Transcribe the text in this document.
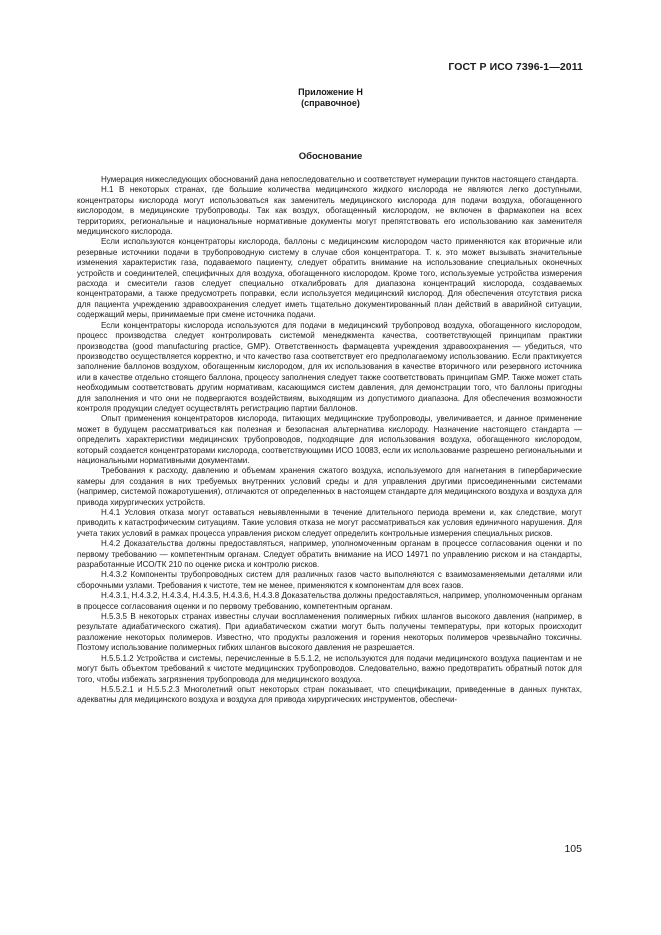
ГОСТ Р ИСО 7396-1—2011
Приложение Н
(справочное)
Обоснование

Нумерация нижеследующих обоснований дана непоследовательно и соответствует нумерации пунктов настоящего стандарта.

Н.1 В некоторых странах, где большие количества медицинского жидкого кислорода не являются легко доступными, концентраторы кислорода могут использоваться как заменитель медицинского кислорода для подачи воздуха, обогащенного кислородом, в медицинские трубопроводы. Так как воздух, обогащенный кислородом, не включен в фармакопеи на всех территориях, региональные и национальные нормативные документы могут препятствовать его использованию как заменителя медицинского кислорода.

Если используются концентраторы кислорода, баллоны с медицинским кислородом часто применяются как вторичные или резервные источники подачи в трубопроводную систему в случае сбоя концентратора. Т. к. это может вызывать значительные изменения характеристик газа, подаваемого пациенту, следует обратить внимание на использование специальных оконечных устройств и соединителей, специфичных для воздуха, обогащенного кислородом. Кроме того, используемые устройства измерения расхода и смесители газов следует специально откалибровать для диапазона концентраций кислорода, создаваемых концентраторами, а также предусмотреть поправки, если используется медицинский кислород. Для обеспечения отсутствия риска для пациента учреждению здравоохранения следует иметь тщательно документированный план действий в аварийной ситуации, содержащий меры, принимаемые при смене источника подачи.

Если концентраторы кислорода используются для подачи в медицинский трубопровод воздуха, обогащенного кислородом, процесс производства следует контролировать системой менеджмента качества, соответствующей принципам практики производства (good manufacturing practice, GMP). Ответственность фармацевта учреждения здравоохранения — убедиться, что производство осуществляется корректно, и что качество газа соответствует его предполагаемому использованию. Если практикуется заполнение баллонов воздухом, обогащенным кислородом, для их использования в качестве вторичного или резервного источника или в качестве отдельно стоящего баллона, процессу заполнения следует также соответствовать принципам GMP. Также может стать необходимым соответствовать другим нормативам, касающимся систем давления, для демонстрации того, что баллоны пригодны для заполнения и что они не подвергаются воздействиям, выходящим из допустимого диапазона. Для обеспечения возможности контроля продукции следует осуществлять регистрацию партии баллонов.

Опыт применения концентраторов кислорода, питающих медицинские трубопроводы, увеличивается, и данное применение может в будущем рассматриваться как полезная и безопасная альтернатива кислороду. Назначение настоящего стандарта — определить характеристики медицинских трубопроводов, подходящие для использования воздуха, обогащенного кислородом, который создается концентраторами кислорода, соответствующими ИСО 10083, если их использование разрешено региональными и национальными нормативными документами.

Требования к расходу, давлению и объемам хранения сжатого воздуха, используемого для нагнетания в гипербарические камеры для создания в них требуемых внутренних условий среды и для управления другими присоединенными системами (например, системой пожаротушения), отличаются от определенных в настоящем стандарте для медицинского воздуха и воздуха для привода хирургических устройств.

Н.4.1 Условия отказа могут оставаться невыявленными в течение длительного периода времени и, как следствие, могут приводить к катастрофическим ситуациям. Такие условия отказа не могут рассматриваться как условия единичного нарушения. Для учета таких условий в рамках процесса управления риском следует определить контрольные измерения специальных рисков.

Н.4.2 Доказательства должны предоставляться, например, уполномоченным органам в процессе согласования оценки и по первому требованию — компетентным органам. Следует обратить внимание на ИСО 14971 по управлению риском и на стандарты, разработанные ИСО/ТК 210 по оценке риска и контролю рисков.

Н.4.3.2 Компоненты трубопроводных систем для различных газов часто выполняются с взаимозаменяемыми деталями или сборочными узлами. Требования к чистоте, тем не менее, применяются к компонентам для всех газов.

Н.4.3.1, Н.4.3.2, Н.4.3.4, Н.4.3.5, Н.4.3.6, Н.4.3.8 Доказательства должны предоставляться, например, уполномоченным органам в процессе согласования оценки и по первому требованию, компетентным органам.

Н.5.3.5 В некоторых странах известны случаи воспламенения полимерных гибких шлангов высокого давления (например, в результате адиабатического сжатия). При адиабатическом сжатии могут быть получены температуры, при которых происходит разложение некоторых полимеров. Известно, что продукты разложения и горения некоторых полимеров чрезвычайно токсичны. Поэтому использование полимерных гибких шлангов высокого давления не разрешается.

Н.5.5.1.2 Устройства и системы, перечисленные в 5.5.1.2, не используются для подачи медицинского воздуха пациентам и не могут быть объектом требований к чистоте медицинских трубопроводов. Следовательно, важно предотвратить обратный поток для того, чтобы избежать загрязнения трубопровода для медицинского воздуха.

Н.5.5.2.1 и Н.5.5.2.3 Многолетний опыт некоторых стран показывает, что спецификации, приведенные в данных пунктах, адекватны для медицинского воздуха и воздуха для привода хирургических инструментов, обеспечи-

105
